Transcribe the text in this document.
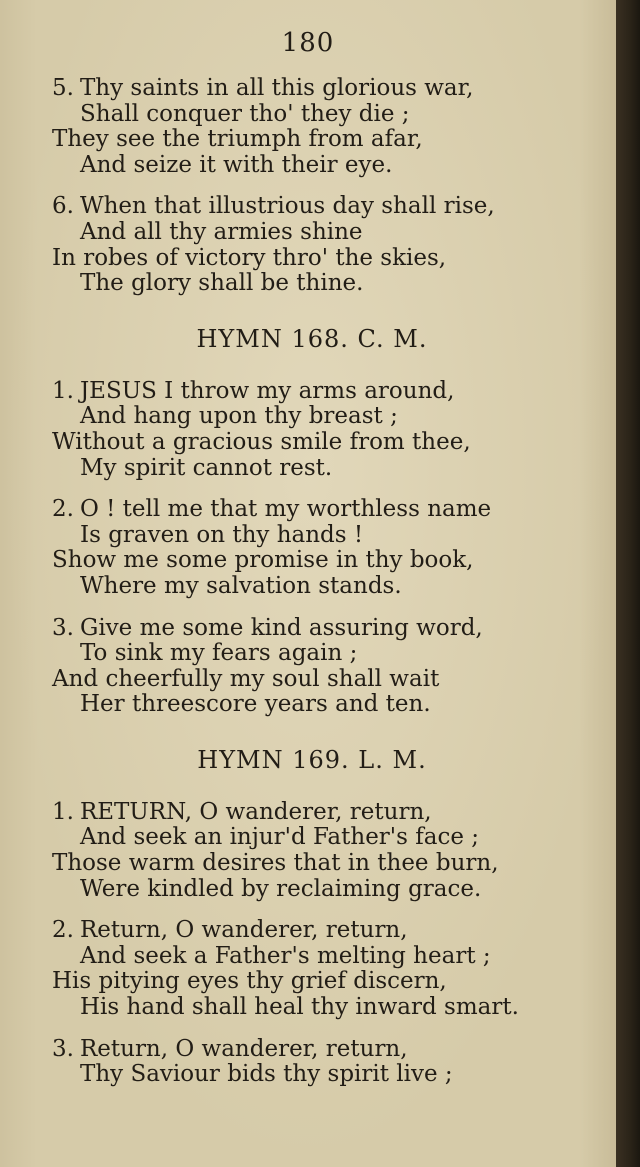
180
5. Thy saints in all this glorious war,
Shall conquer tho' they die ;
They see the triumph from afar,
And seize it with their eye.
6. When that illustrious day shall rise,
And all thy armies shine
In robes of victory thro' the skies,
The glory shall be thine.
HYMN 168. C. M.
1. JESUS I throw my arms around,
And hang upon thy breast ;
Without a gracious smile from thee,
My spirit cannot rest.
2. O ! tell me that my worthless name
Is graven on thy hands !
Show me some promise in thy book,
Where my salvation stands.
3. Give me some kind assuring word,
To sink my fears again ;
And cheerfully my soul shall wait
Her threescore years and ten.
HYMN 169. L. M.
1. RETURN, O wanderer, return,
And seek an injur'd Father's face ;
Those warm desires that in thee burn,
Were kindled by reclaiming grace.
2. Return, O wanderer, return,
And seek a Father's melting heart ;
His pitying eyes thy grief discern,
His hand shall heal thy inward smart.
3. Return, O wanderer, return,
Thy Saviour bids thy spirit live ;
